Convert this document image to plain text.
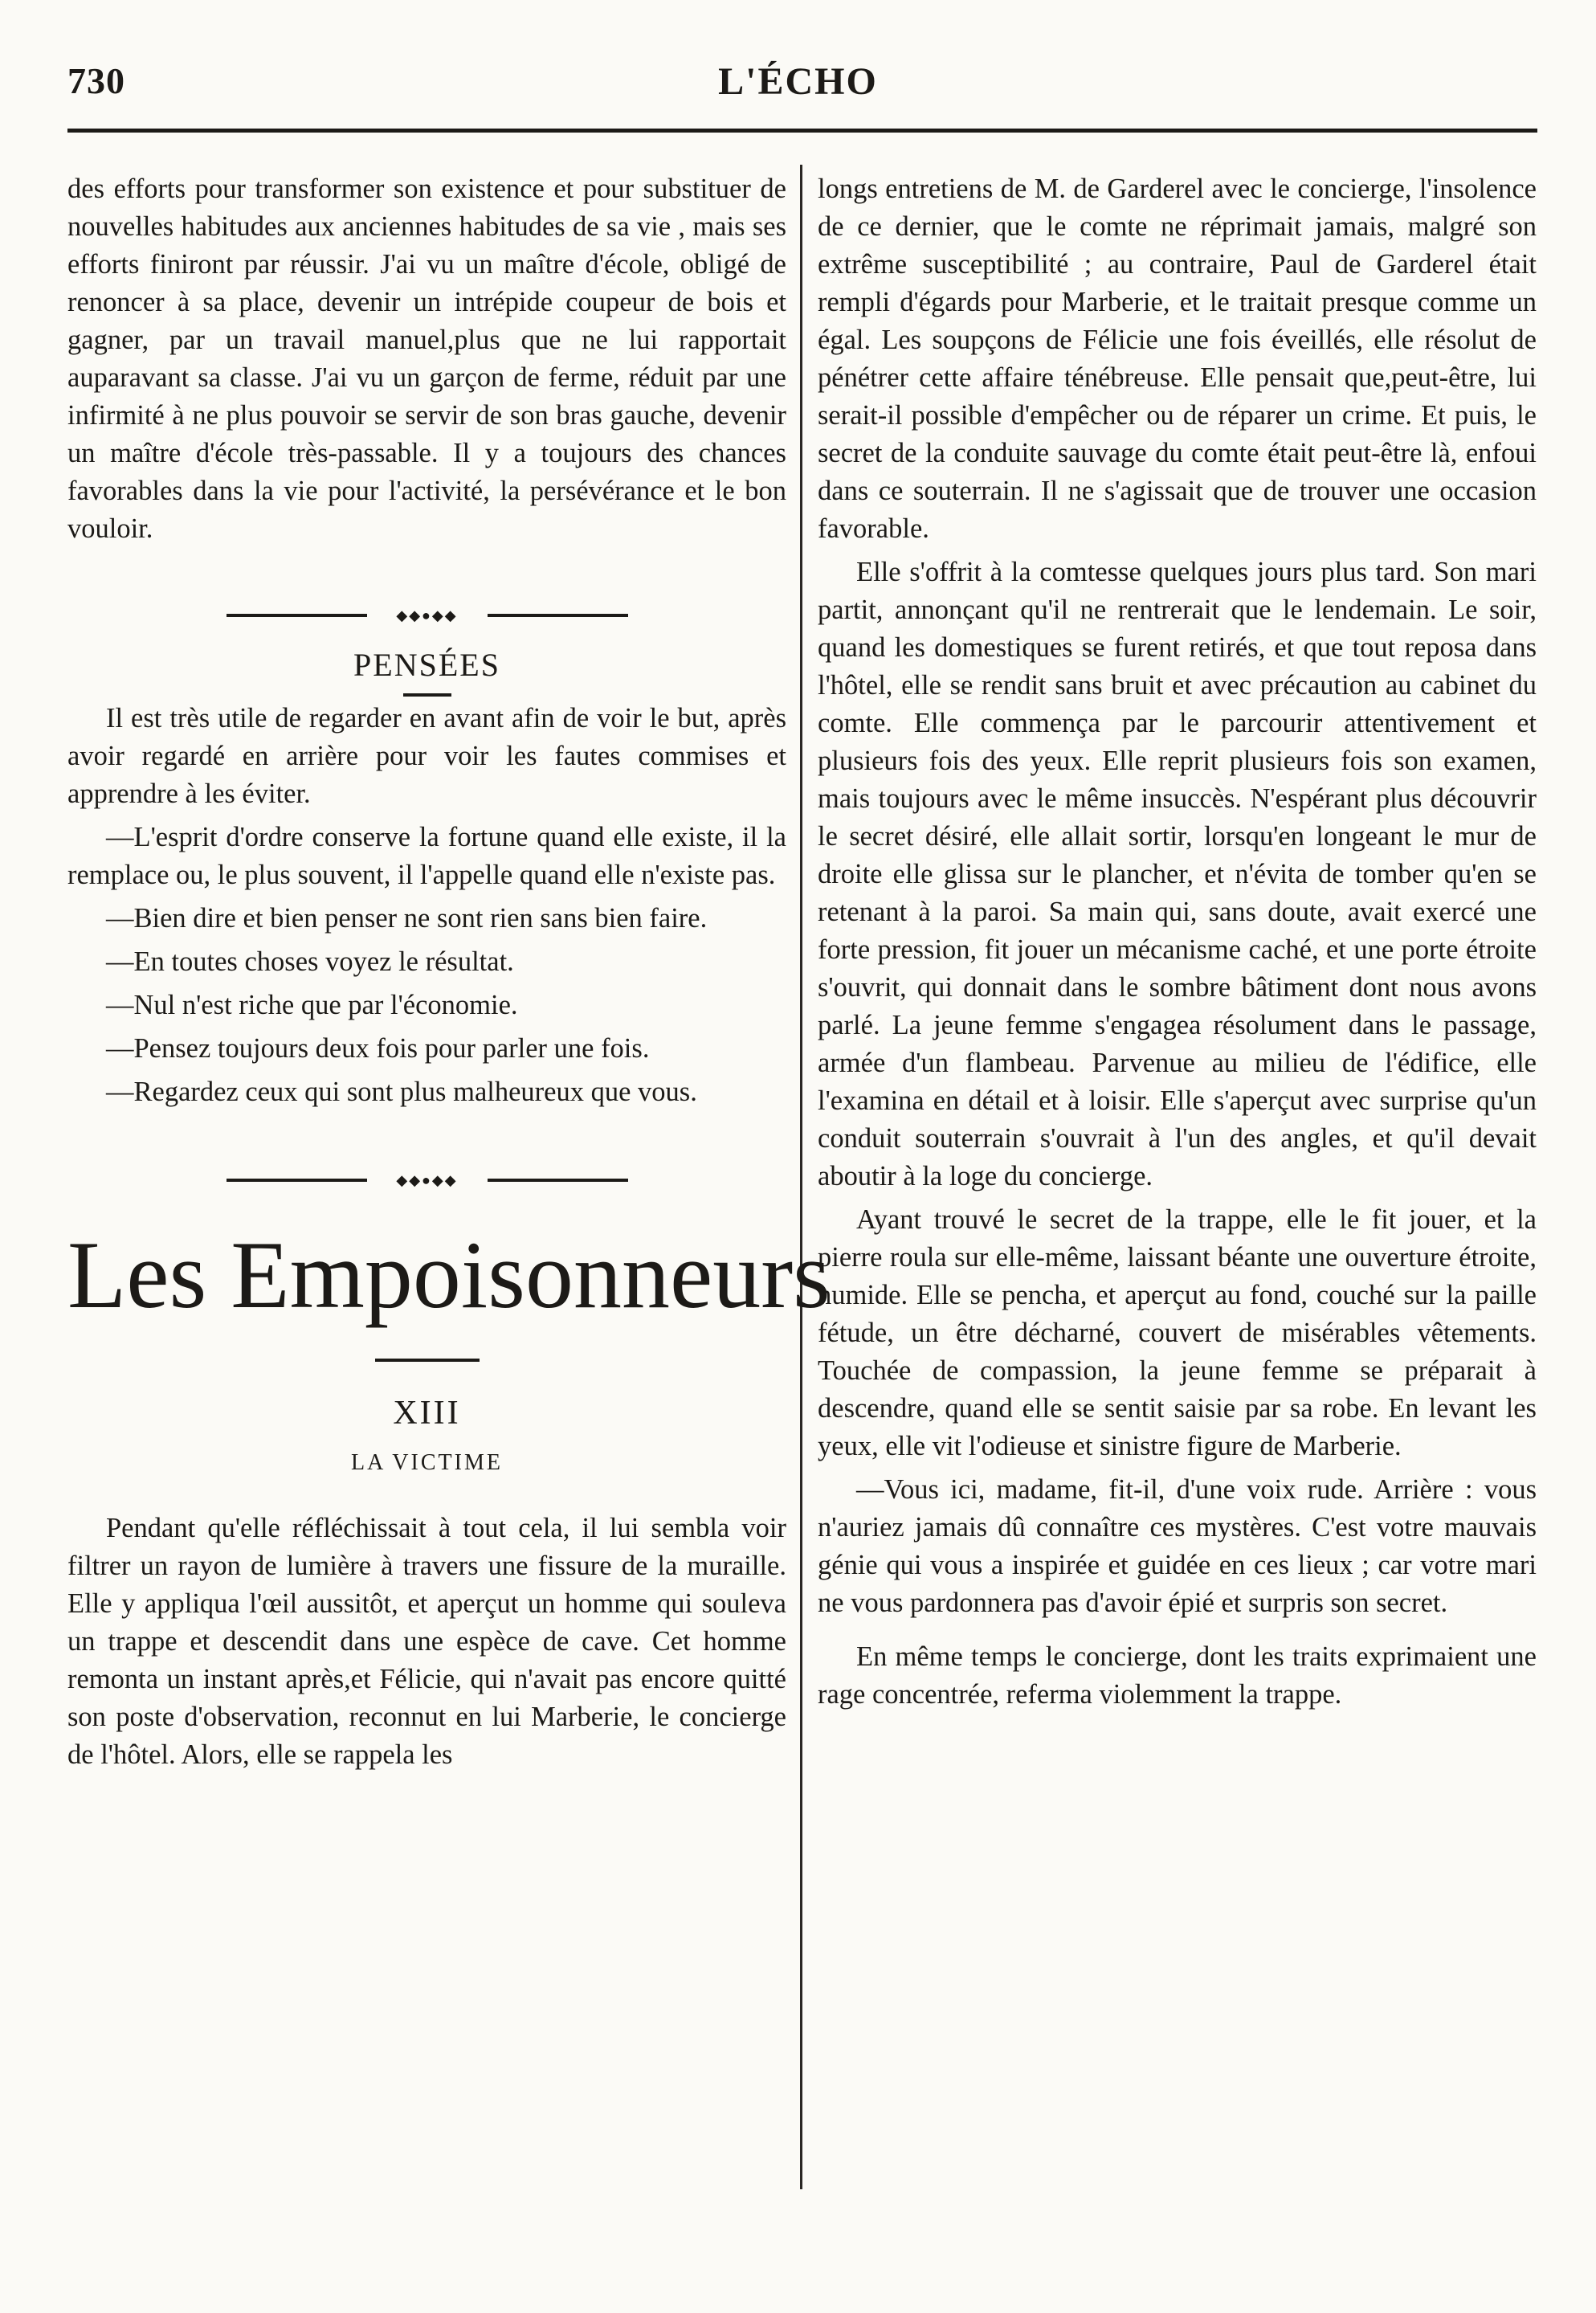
730	L'ÉCHO

des efforts pour transformer son existence et pour substituer de nouvelles habitudes aux anciennes habitudes de sa vie , mais ses efforts finiront par réussir. J'ai vu un maître d'école, obligé de renoncer à sa place, devenir un intrépide coupeur de bois et gagner, par un travail manuel,plus que ne lui rapportait auparavant sa classe. J'ai vu un garçon de ferme, réduit par une infirmité à ne plus pouvoir se servir de son bras gauche, devenir un maître d'école très-passable. Il y a toujours des chances favorables dans la vie pour l'activité, la persévérance et le bon vouloir.

◆◆●◆◆
PENSÉES

Il est très utile de regarder en avant afin de voir le but, après avoir regardé en arrière pour voir les fautes commises et apprendre à les éviter.

—L'esprit d'ordre conserve la fortune quand elle existe, il la remplace ou, le plus souvent, il l'appelle quand elle n'existe pas.

—Bien dire et bien penser ne sont rien sans bien faire.

—En toutes choses voyez le résultat.

—Nul n'est riche que par l'économie.

—Pensez toujours deux fois pour parler une fois.

—Regardez ceux qui sont plus malheureux que vous.

◆◆●◆◆
Les Empoisonneurs
XIII
LA VICTIME

Pendant qu'elle réfléchissait à tout cela, il lui sembla voir filtrer un rayon de lumière à travers une fissure de la muraille. Elle y appliqua l'œil aussitôt, et aperçut un homme qui souleva un trappe et descendit dans une espèce de cave. Cet homme remonta un instant après,et Félicie, qui n'avait pas encore quitté son poste d'observation, reconnut en lui Marberie, le concierge de l'hôtel. Alors, elle se rappela les

longs entretiens de M. de Garderel avec le concierge, l'insolence de ce dernier, que le comte ne réprimait jamais, malgré son extrême susceptibilité ; au contraire, Paul de Garderel était rempli d'égards pour Marberie, et le traitait presque comme un égal. Les soupçons de Félicie une fois éveillés, elle résolut de pénétrer cette affaire ténébreuse. Elle pensait que,peut-être, lui serait-il possible d'empêcher ou de réparer un crime. Et puis, le secret de la conduite sauvage du comte était peut-être là, enfoui dans ce souterrain. Il ne s'agissait que de trouver une occasion favorable.

Elle s'offrit à la comtesse quelques jours plus tard. Son mari partit, annonçant qu'il ne rentrerait que le lendemain. Le soir, quand les domestiques se furent retirés, et que tout reposa dans l'hôtel, elle se rendit sans bruit et avec précaution au cabinet du comte. Elle commença par le parcourir attentivement et plusieurs fois des yeux. Elle reprit plusieurs fois son examen, mais toujours avec le même insuccès. N'espérant plus découvrir le secret désiré, elle allait sortir, lorsqu'en longeant le mur de droite elle glissa sur le plancher, et n'évita de tomber qu'en se retenant à la paroi. Sa main qui, sans doute, avait exercé une forte pression, fit jouer un mécanisme caché, et une porte étroite s'ouvrit, qui donnait dans le sombre bâtiment dont nous avons parlé. La jeune femme s'engagea résolument dans le passage, armée d'un flambeau. Parvenue au milieu de l'édifice, elle l'examina en détail et à loisir. Elle s'aperçut avec surprise qu'un conduit souterrain s'ouvrait à l'un des angles, et qu'il devait aboutir à la loge du concierge.

Ayant trouvé le secret de la trappe, elle le fit jouer, et la pierre roula sur elle-même, laissant béante une ouverture étroite, humide. Elle se pencha, et aperçut au fond, couché sur la paille fétude, un être décharné, couvert de misérables vêtements. Touchée de compassion, la jeune femme se préparait à descendre, quand elle se sentit saisie par sa robe. En levant les yeux, elle vit l'odieuse et sinistre figure de Marberie.

—Vous ici, madame, fit-il, d'une voix rude. Arrière : vous n'auriez jamais dû connaître ces mystères. C'est votre mauvais génie qui vous a inspirée et guidée en ces lieux ; car votre mari ne vous pardonnera pas d'avoir épié et surpris son secret.

En même temps le concierge, dont les traits exprimaient une rage concentrée, referma violemment la trappe.
